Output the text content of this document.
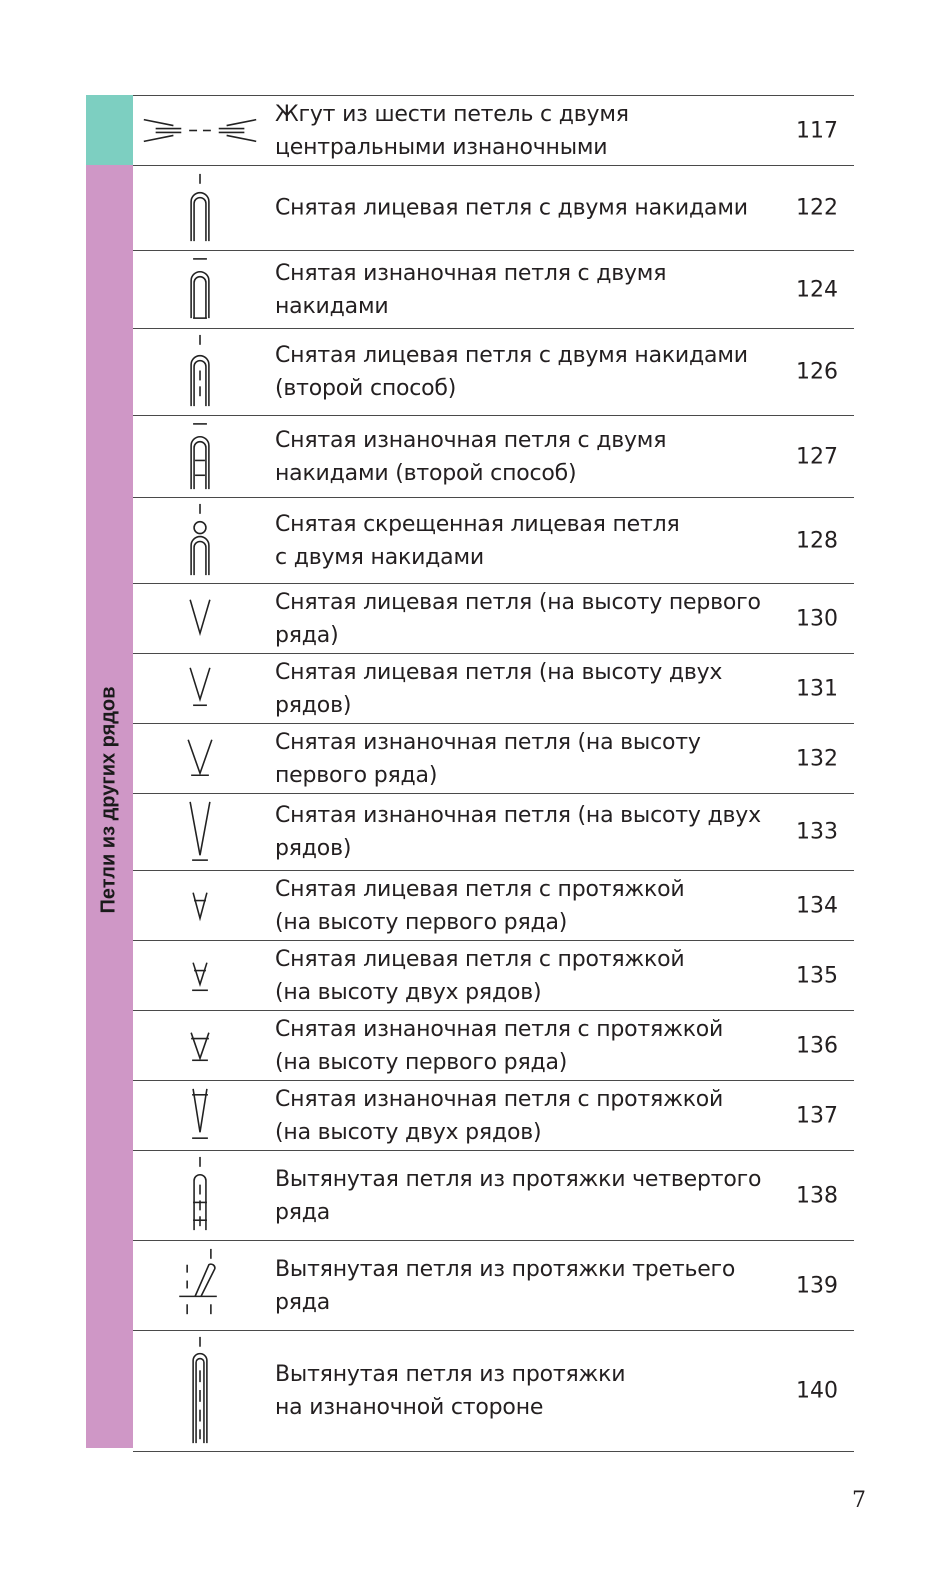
Петли из других рядов
Жгут из шести петель с двумя
центральными изнаночными
117
Снятая лицевая петля с двумя накидами	122
Снятая изнаночная петля с двумя
накидами
124
Снятая лицевая петля с двумя накидами
(второй способ)
126
Снятая изнаночная петля с двумя
накидами (второй способ)
127
Снятая скрещенная лицевая петля
с двумя накидами
128
Снятая лицевая петля (на высоту первого
ряда)
130
Снятая лицевая петля (на высоту двух
рядов)
131
Снятая изнаночная петля (на высоту
первого ряда)
132
Снятая изнаночная петля (на высоту двух
рядов)
133
Снятая лицевая петля с протяжкой
(на высоту первого ряда)
134
Снятая лицевая петля с протяжкой
(на высоту двух рядов)
135
Снятая изнаночная петля с протяжкой
(на высоту первого ряда)
136
Снятая изнаночная петля с протяжкой
(на высоту двух рядов)
137
Вытянутая петля из протяжки четвертого
ряда
138
Вытянутая петля из протяжки третьего
ряда
139
Вытянутая петля из протяжки
на изнаночной стороне
140
7
